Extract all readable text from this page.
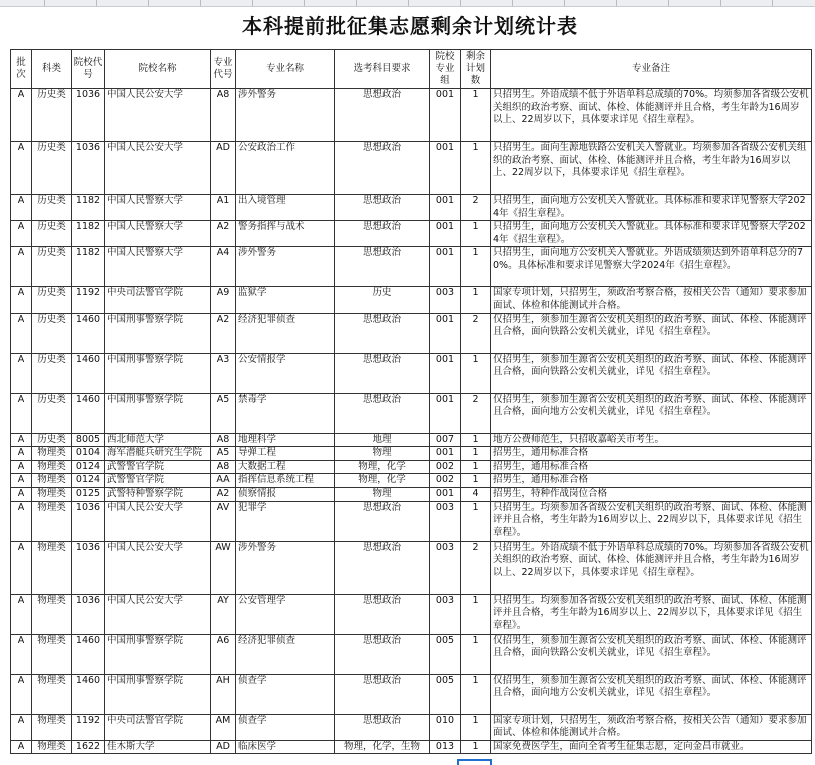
本科提前批征集志愿剩余计划统计表
批次	科类	院校代号	院校名称	专业代号	专业名称	选考科目要求	院校专业组	剩余计划数	专业备注
A	历史类	1036	中国人民公安大学	A8	涉外警务	思想政治	001	1	只招男生。外语成绩不低于外语单科总成绩的70%。均须参加各省级公安机关组织的政治考察、面试、体检、体能测评并且合格，考生年龄为16周岁以上、22周岁以下，具体要求详见《招生章程》。
A	历史类	1036	中国人民公安大学	AD	公安政治工作	思想政治	001	1	只招男生。面向生源地铁路公安机关入警就业。均须参加各省级公安机关组织的政治考察、面试、体检、体能测评并且合格，考生年龄为16周岁以上、22周岁以下，具体要求详见《招生章程》。
A	历史类	1182	中国人民警察大学	A1	出入境管理	思想政治	001	2	只招男生，面向地方公安机关入警就业。具体标准和要求详见警察大学2024年《招生章程》。
A	历史类	1182	中国人民警察大学	A2	警务指挥与战术	思想政治	001	1	只招男生，面向地方公安机关入警就业。具体标准和要求详见警察大学2024年《招生章程》。
A	历史类	1182	中国人民警察大学	A4	涉外警务	思想政治	001	1	只招男生，面向地方公安机关入警就业。外语成绩须达到外语单科总分的70%。具体标准和要求详见警察大学2024年《招生章程》。
A	历史类	1192	中央司法警官学院	A9	监狱学	历史	003	1	国家专项计划，只招男生，须政治考察合格，按相关公告（通知）要求参加面试、体检和体能测试并合格。
A	历史类	1460	中国刑事警察学院	A2	经济犯罪侦查	思想政治	001	2	仅招男生，须参加生源省公安机关组织的政治考察、面试、体检、体能测评且合格，面向铁路公安机关就业，详见《招生章程》。
A	历史类	1460	中国刑事警察学院	A3	公安情报学	思想政治	001	1	仅招男生，须参加生源省公安机关组织的政治考察、面试、体检、体能测评且合格，面向铁路公安机关就业，详见《招生章程》。
A	历史类	1460	中国刑事警察学院	A5	禁毒学	思想政治	001	2	仅招男生，须参加生源省公安机关组织的政治考察、面试、体检、体能测评且合格，面向地方公安机关就业，详见《招生章程》。
A	历史类	8005	西北师范大学	A8	地理科学	地理	007	1	地方公费师范生，只招收嘉峪关市考生。
A	物理类	0104	海军潜艇兵研究生学院	A5	导弹工程	物理	001	1	招男生，通用标准合格
A	物理类	0124	武警警官学院	A8	大数据工程	物理，化学	002	1	招男生，通用标准合格
A	物理类	0124	武警警官学院	AA	指挥信息系统工程	物理，化学	002	1	招男生，通用标准合格
A	物理类	0125	武警特种警察学院	A2	侦察情报	物理	001	4	招男生，特种作战岗位合格
A	物理类	1036	中国人民公安大学	AV	犯罪学	思想政治	003	1	只招男生。均须参加各省级公安机关组织的政治考察、面试、体检、体能测评并且合格，考生年龄为16周岁以上、22周岁以下，具体要求详见《招生章程》。
A	物理类	1036	中国人民公安大学	AW	涉外警务	思想政治	003	2	只招男生。外语成绩不低于外语单科总成绩的70%。均须参加各省级公安机关组织的政治考察、面试、体检、体能测评并且合格，考生年龄为16周岁以上、22周岁以下，具体要求详见《招生章程》。
A	物理类	1036	中国人民公安大学	AY	公安管理学	思想政治	003	1	只招男生。均须参加各省级公安机关组织的政治考察、面试、体检、体能测评并且合格，考生年龄为16周岁以上、22周岁以下，具体要求详见《招生章程》。
A	物理类	1460	中国刑事警察学院	A6	经济犯罪侦查	思想政治	005	1	仅招男生，须参加生源省公安机关组织的政治考察、面试、体检、体能测评且合格，面向铁路公安机关就业，详见《招生章程》。
A	物理类	1460	中国刑事警察学院	AH	侦查学	思想政治	005	1	仅招男生，须参加生源省公安机关组织的政治考察、面试、体检、体能测评且合格，面向地方公安机关就业，详见《招生章程》。
A	物理类	1192	中央司法警官学院	AM	侦查学	思想政治	010	1	国家专项计划，只招男生，须政治考察合格，按相关公告（通知）要求参加面试、体检和体能测试并合格。
A	物理类	1622	佳木斯大学	AD	临床医学	物理，化学，生物	013	1	国家免费医学生，面向全省考生征集志愿，定向金昌市就业。
